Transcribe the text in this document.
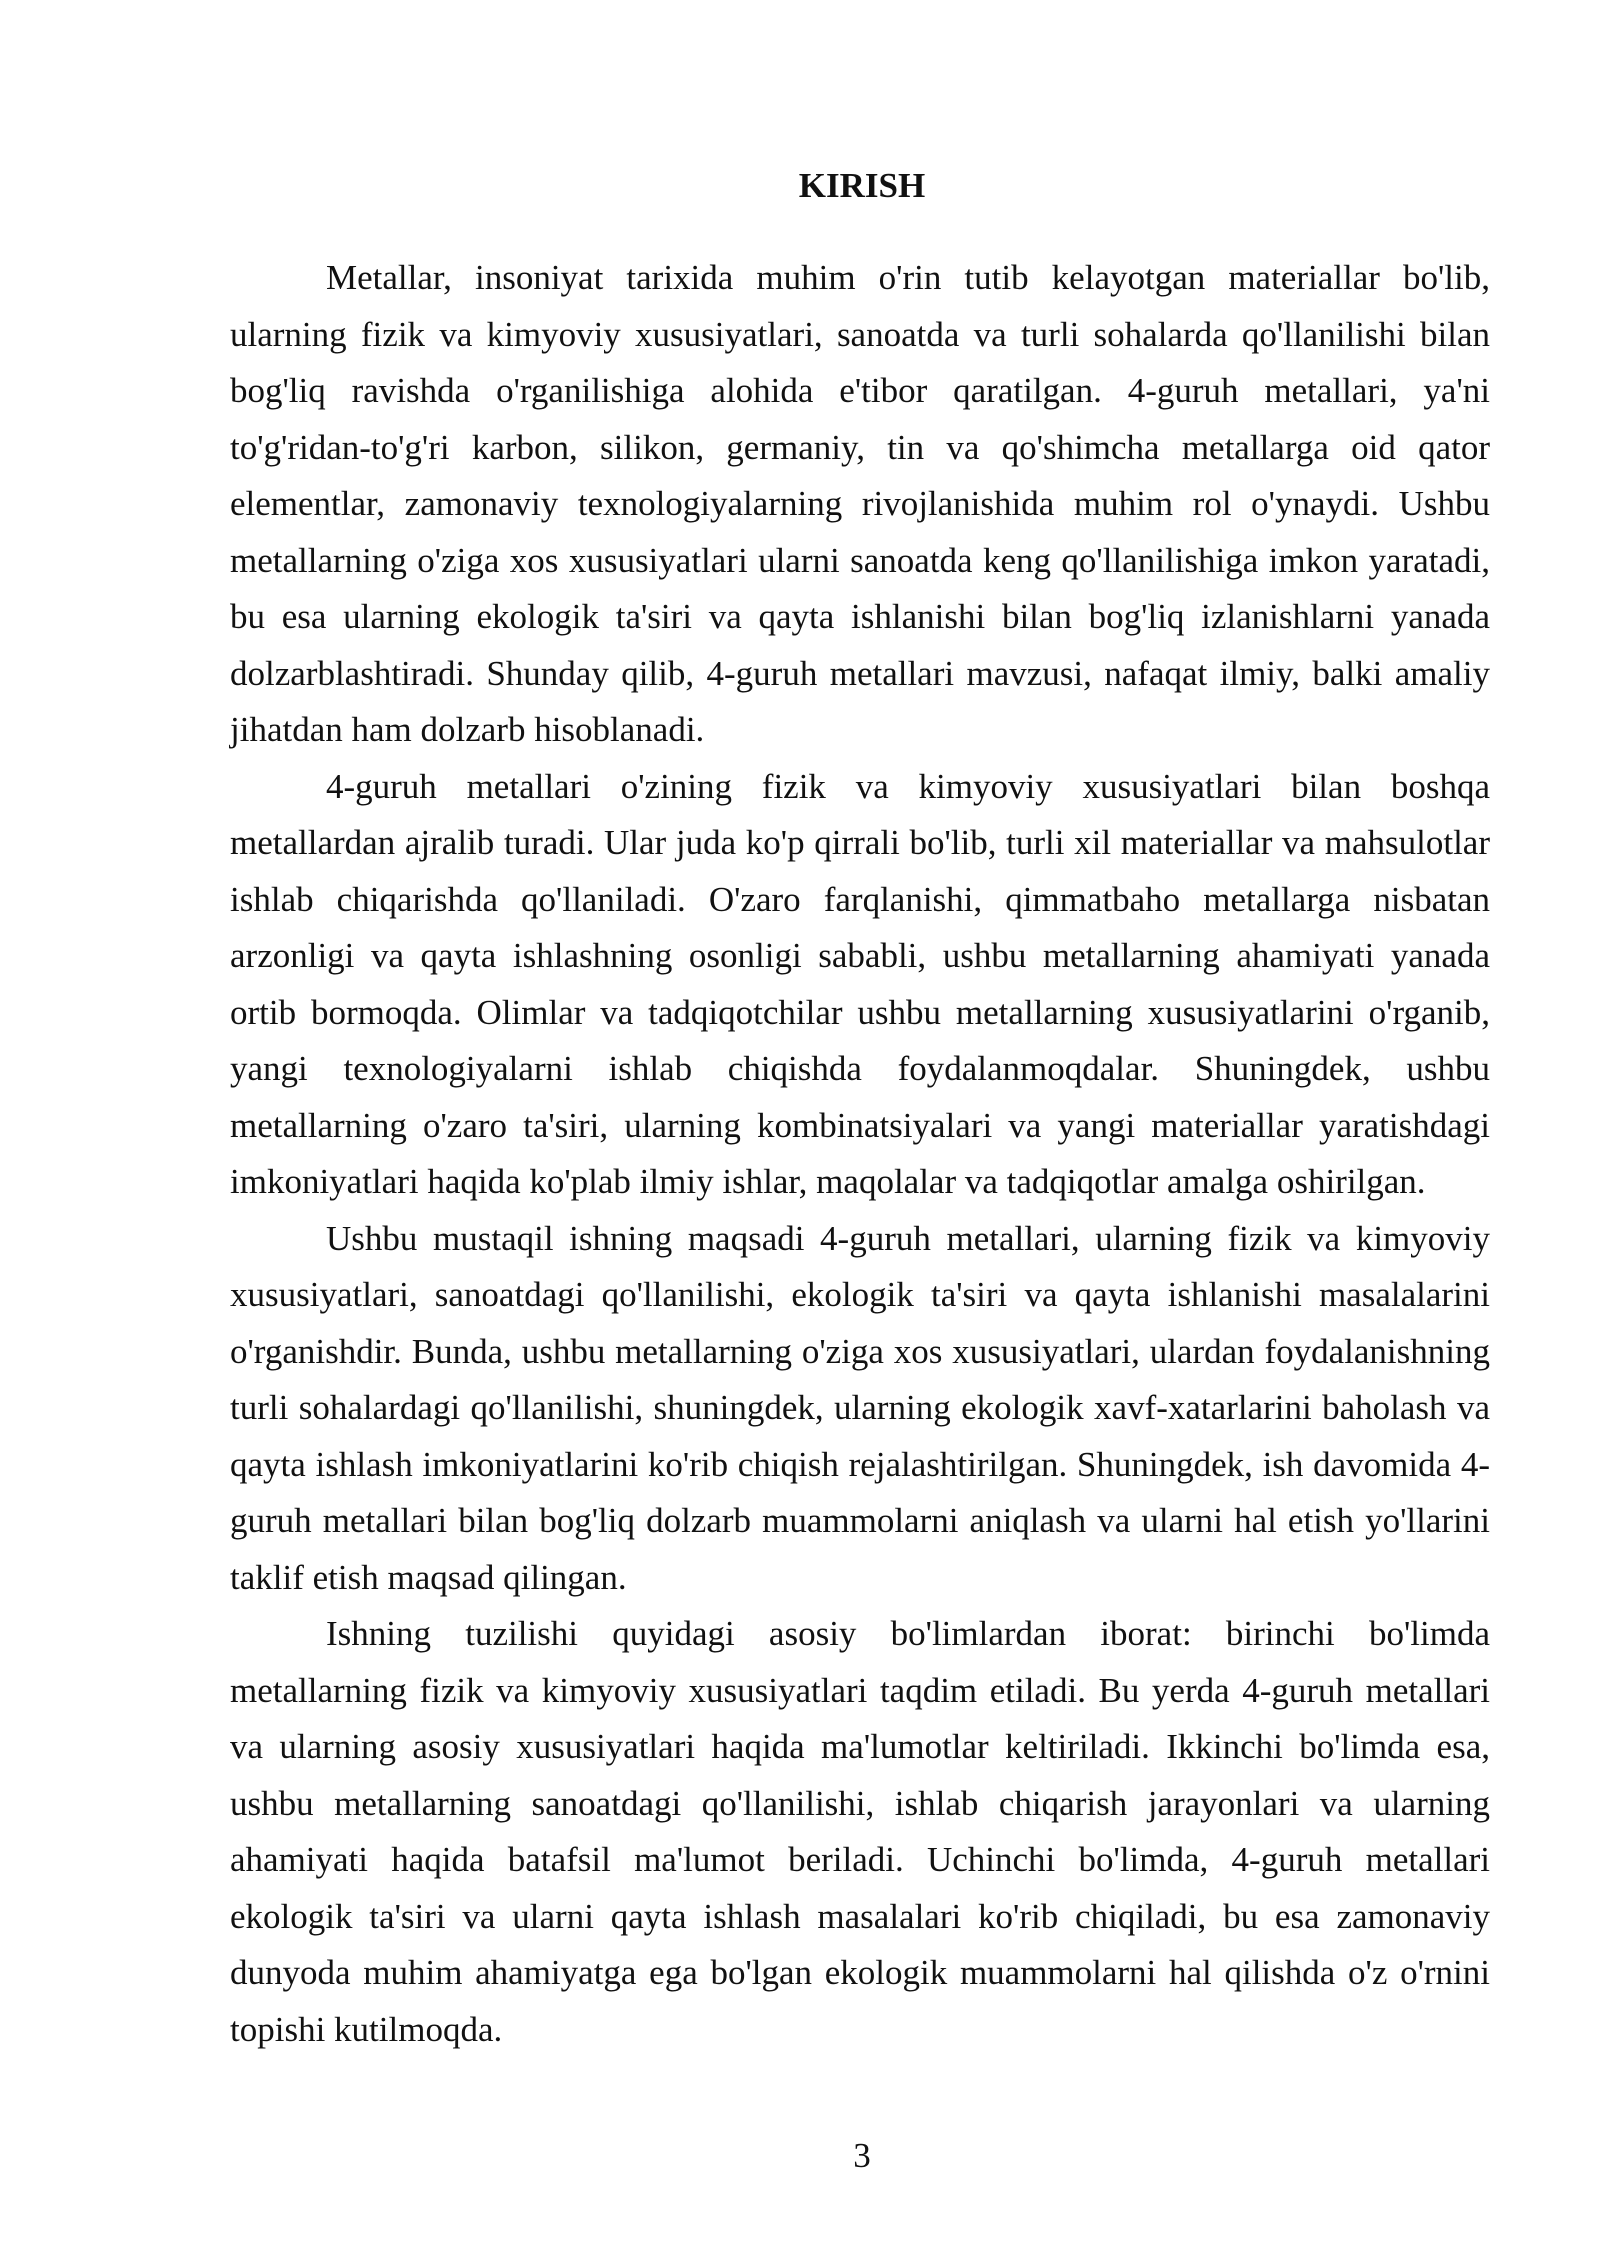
KIRISH

Metallar, insoniyat tarixida muhim o'rin tutib kelayotgan materiallar bo'lib, ularning fizik va kimyoviy xususiyatlari, sanoatda va turli sohalarda qo'llanilishi bilan bog'liq ravishda o'rganilishiga alohida e'tibor qaratilgan. 4-guruh metallari, ya'ni to'g'ridan-to'g'ri karbon, silikon, germaniy, tin va qo'shimcha metallarga oid qator elementlar, zamonaviy texnologiyalarning rivojlanishida muhim rol o'ynaydi. Ushbu metallarning o'ziga xos xususiyatlari ularni sanoatda keng qo'llanilishiga imkon yaratadi, bu esa ularning ekologik ta'siri va qayta ishlanishi bilan bog'liq izlanishlarni yanada dolzarblashtiradi. Shunday qilib, 4-guruh metallari mavzusi, nafaqat ilmiy, balki amaliy jihatdan ham dolzarb hisoblanadi.

4-guruh metallari o'zining fizik va kimyoviy xususiyatlari bilan boshqa metallardan ajralib turadi. Ular juda ko'p qirrali bo'lib, turli xil materiallar va mahsulotlar ishlab chiqarishda qo'llaniladi. O'zaro farqlanishi, qimmatbaho metallarga nisbatan arzonligi va qayta ishlashning osonligi sababli, ushbu metallarning ahamiyati yanada ortib bormoqda. Olimlar va tadqiqotchilar ushbu metallarning xususiyatlarini o'rganib, yangi texnologiyalarni ishlab chiqishda foydalanmoqdalar. Shuningdek, ushbu metallarning o'zaro ta'siri, ularning kombinatsiyalari va yangi materiallar yaratishdagi imkoniyatlari haqida ko'plab ilmiy ishlar, maqolalar va tadqiqotlar amalga oshirilgan.

Ushbu mustaqil ishning maqsadi 4-guruh metallari, ularning fizik va kimyoviy xususiyatlari, sanoatdagi qo'llanilishi, ekologik ta'siri va qayta ishlanishi masalalarini o'rganishdir. Bunda, ushbu metallarning o'ziga xos xususiyatlari, ulardan foydalanishning turli sohalardagi qo'llanilishi, shuningdek, ularning ekologik xavf-xatarlarini baholash va qayta ishlash imkoniyatlarini ko'rib chiqish rejalashtirilgan. Shuningdek, ish davomida 4-guruh metallari bilan bog'liq dolzarb muammolarni aniqlash va ularni hal etish yo'llarini taklif etish maqsad qilingan.

Ishning tuzilishi quyidagi asosiy bo'limlardan iborat: birinchi bo'limda metallarning fizik va kimyoviy xususiyatlari taqdim etiladi. Bu yerda 4-guruh metallari va ularning asosiy xususiyatlari haqida ma'lumotlar keltiriladi. Ikkinchi bo'limda esa, ushbu metallarning sanoatdagi qo'llanilishi, ishlab chiqarish jarayonlari va ularning ahamiyati haqida batafsil ma'lumot beriladi. Uchinchi bo'limda, 4-guruh metallari ekologik ta'siri va ularni qayta ishlash masalalari ko'rib chiqiladi, bu esa zamonaviy dunyoda muhim ahamiyatga ega bo'lgan ekologik muammolarni hal qilishda o'z o'rnini topishi kutilmoqda.

3
